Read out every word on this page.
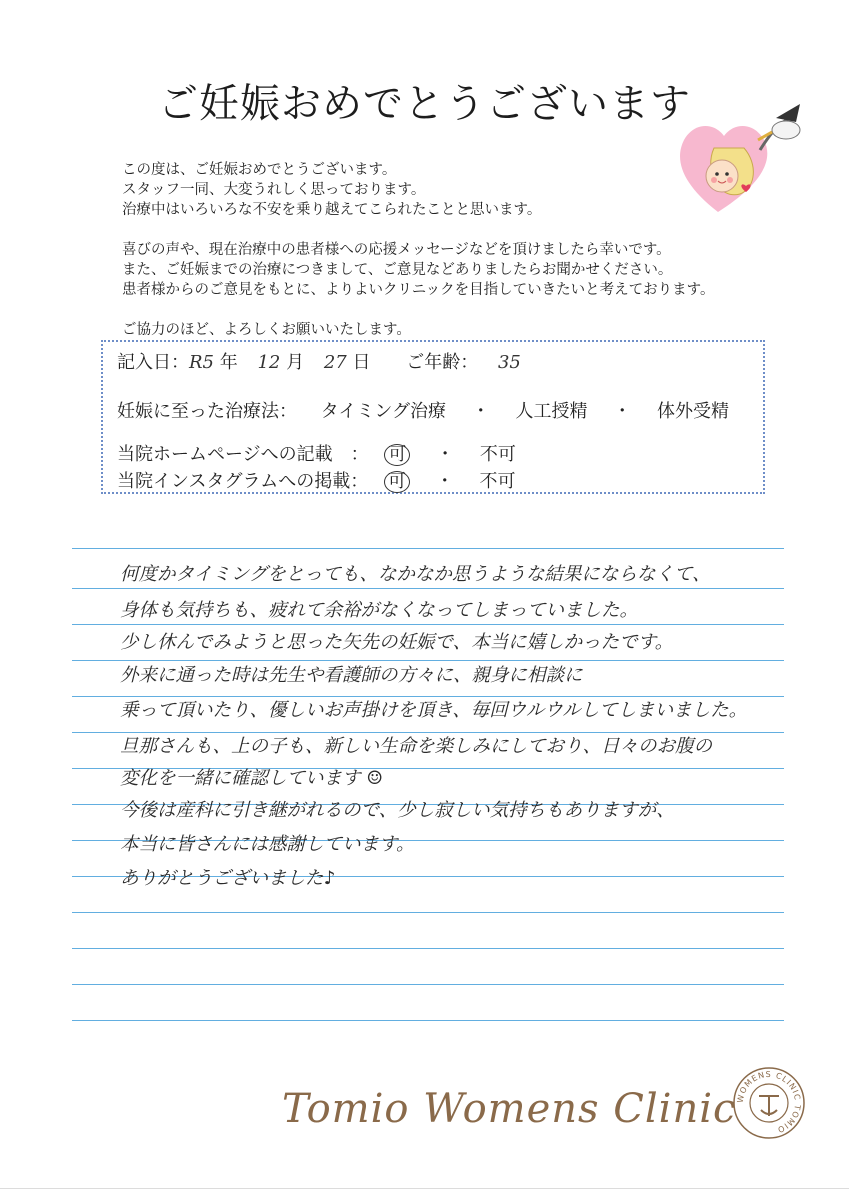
ご妊娠おめでとうございます

この度は、ご妊娠おめでとうございます。

スタッフ一同、大変うれしく思っております。

治療中はいろいろな不安を乗り越えてこられたことと思います。

喜びの声や、現在治療中の患者様への応援メッセージなどを頂けましたら幸いです。

また、ご妊娠までの治療につきまして、ご意見などありましたらお聞かせください。

患者様からのご意見をもとに、よりよいクリニックを目指していきたいと考えております。

ご協力のほど、よろしくお願いいたします。

記入日：R5 年 12 月 27 日 ご年齢： 35
妊娠に至った治療法： タイミング治療 ・ 人工授精 ・ 体外受精
当院ホームページへの記載　： 可 ・ 不可
当院インスタグラムへの掲載： 可 ・ 不可
何度かタイミングをとっても、なかなか思うような結果にならなくて、
身体も気持ちも、疲れて余裕がなくなってしまっていました。
少し休んでみようと思った矢先の妊娠で、本当に嬉しかったです。
外来に通った時は先生や看護師の方々に、親身に相談に
乗って頂いたり、優しいお声掛けを頂き、毎回ウルウルしてしまいました。
旦那さんも、上の子も、新しい生命を楽しみにしており、日々のお腹の
変化を一緒に確認しています ☺
今後は産科に引き継がれるので、少し寂しい気持ちもありますが、
本当に皆さんには感謝しています。
ありがとうございました♪
Tomio Womens Clinic WOMENS CLINIC TOMIO
